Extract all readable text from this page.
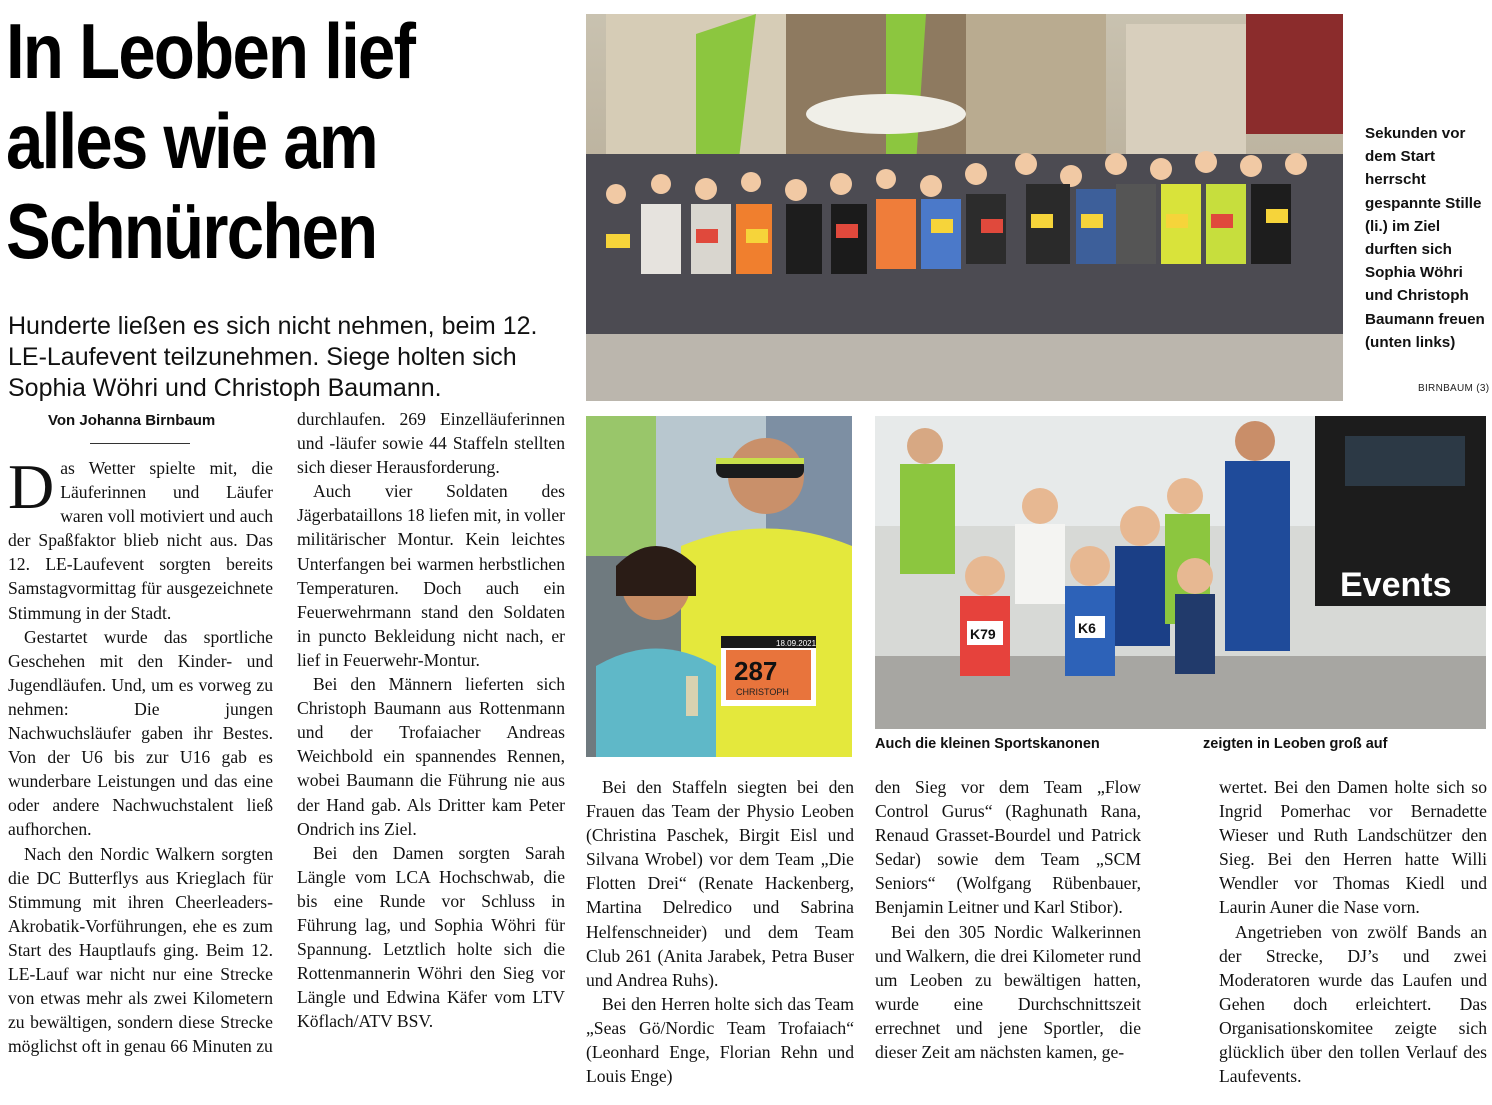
In Leoben lief
alles wie am
Schnürchen

Hunderte ließen es sich nicht nehmen, beim 12. LE-Laufevent teilzunehmen. Siege holten sich Sophia Wöhri und Christoph Baumann.

Von Johanna Birnbaum

Das Wetter spielte mit, die Läuferinnen und Läufer waren voll motiviert und auch der Spaßfaktor blieb nicht aus. Das 12. LE-Laufevent sorgten bereits Samstagvormittag für ausgezeichnete Stimmung in der Stadt.

Gestartet wurde das sportliche Geschehen mit den Kinder- und Jugendläufen. Und, um es vorweg zu nehmen: Die jungen Nachwuchsläufer gaben ihr Bestes. Von der U6 bis zur U16 gab es wunderbare Leistungen und das eine oder andere Nachwuchstalent ließ aufhorchen.

Nach den Nordic Walkern sorgten die DC Butterflys aus Krieglach für Stimmung mit ihren Cheerleaders-Akrobatik-Vorführungen, ehe es zum Start des Hauptlaufs ging. Beim 12. LE-Lauf war nicht nur eine Strecke von etwas mehr als zwei Kilometern zu bewältigen, sondern diese Strecke möglichst oft in genau 66 Minuten zu

durchlaufen. 269 Einzelläuferinnen und -läufer sowie 44 Staffeln stellten sich dieser Herausforderung.

Auch vier Soldaten des Jägerbataillons 18 liefen mit, in voller militärischer Montur. Kein leichtes Unterfangen bei warmen herbstlichen Temperaturen. Doch auch ein Feuerwehrmann stand den Soldaten in puncto Bekleidung nicht nach, er lief in Feuerwehr-Montur.

Bei den Männern lieferten sich Christoph Baumann aus Rottenmann und der Trofaiacher Andreas Weichbold ein spannendes Rennen, wobei Baumann die Führung nie aus der Hand gab. Als Dritter kam Peter Ondrich ins Ziel.

Bei den Damen sorgten Sarah Längle vom LCA Hochschwab, die bis eine Runde vor Schluss in Führung lag, und Sophia Wöhri für Spannung. Letztlich holte sich die Rottenmannerin Wöhri den Sieg vor Längle und Edwina Käfer vom LTV Köflach/ATV BSV.

Bei den Staffeln siegten bei den Frauen das Team der Physio Leoben (Christina Paschek, Birgit Eisl und Silvana Wrobel) vor dem Team „Die Flotten Drei“ (Renate Hackenberg, Martina Delredico und Sabrina Helfenschneider) und dem Team Club 261 (Anita Jarabek, Petra Buser und Andrea Ruhs).

Bei den Herren holte sich das Team „Seas Gö/Nordic Team Trofaiach“ (Leonhard Enge, Florian Rehn und Louis Enge)

den Sieg vor dem Team „Flow Control Gurus“ (Raghunath Rana, Renaud Grasset-Bourdel und Patrick Sedar) sowie dem Team „SCM Seniors“ (Wolfgang Rübenbauer, Benjamin Leitner und Karl Stibor).

Bei den 305 Nordic Walkerinnen und Walkern, die drei Kilometer rund um Leoben zu bewältigen hatten, wurde eine Durchschnittszeit errechnet und jene Sportler, die dieser Zeit am nächsten kamen, ge-

wertet. Bei den Damen holte sich so Ingrid Pomerhac vor Bernadette Wieser und Ruth Landschützer den Sieg. Bei den Herren hatte Willi Wendler vor Thomas Kiedl und Laurin Auner die Nase vorn.

Angetrieben von zwölf Bands an der Strecke, DJ’s und zwei Moderatoren wurde das Laufen und Gehen doch erleichtert. Das Organisationskomitee zeigte sich glücklich über den tollen Verlauf des Laufevents.

Sekunden vor dem Start herrscht gespannte Stille (li.) im Ziel durften sich Sophia Wöhri und Christoph Baumann freuen (unten links)
BIRNBAUM (3)
18.09.2021
287
CHRISTOPH
Events
K79	K6
Auch die kleinen Sportskanonen	zeigten in Leoben groß auf
